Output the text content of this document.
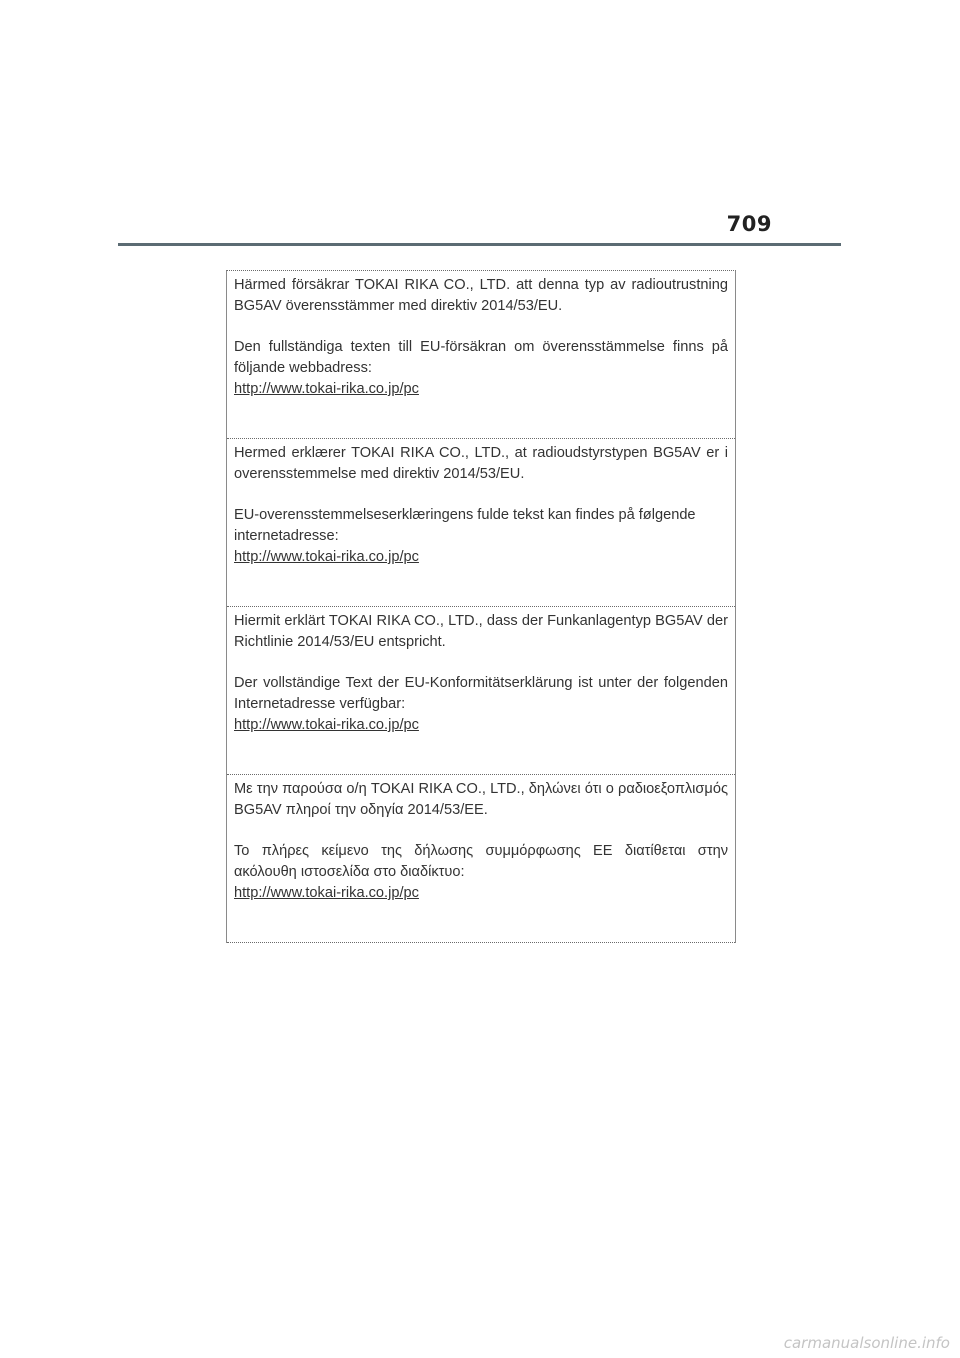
709

Härmed försäkrar TOKAI RIKA CO., LTD. att denna typ av radioutrustning BG5AV överensstämmer med direktiv 2014/53/EU.

Den fullständiga texten till EU-försäkran om överensstämmelse finns på följande webbadress:

http://www.tokai-rika.co.jp/pc

Hermed erklærer TOKAI RIKA CO., LTD., at radioudstyrstypen BG5AV er i overensstemmelse med direktiv 2014/53/EU.

EU-overensstemmelseserklæringens fulde tekst kan findes på følgende internetadresse:

http://www.tokai-rika.co.jp/pc

Hiermit erklärt TOKAI RIKA CO., LTD., dass der Funkanlagentyp BG5AV der Richtlinie 2014/53/EU entspricht.

Der vollständige Text der EU-Konformitätserklärung ist unter der folgenden Internetadresse verfügbar:

http://www.tokai-rika.co.jp/pc

Με την παρούσα ο/η TOKAI RIKA CO., LTD., δηλώνει ότι ο ραδιοεξοπλισμός BG5AV πληροί την οδηγία 2014/53/ΕΕ.

Το πλήρες κείμενο της δήλωσης συμμόρφωσης ΕΕ διατίθεται στην ακόλουθη ιστοσελίδα στο διαδίκτυο:

http://www.tokai-rika.co.jp/pc

carmanualsonline.info
